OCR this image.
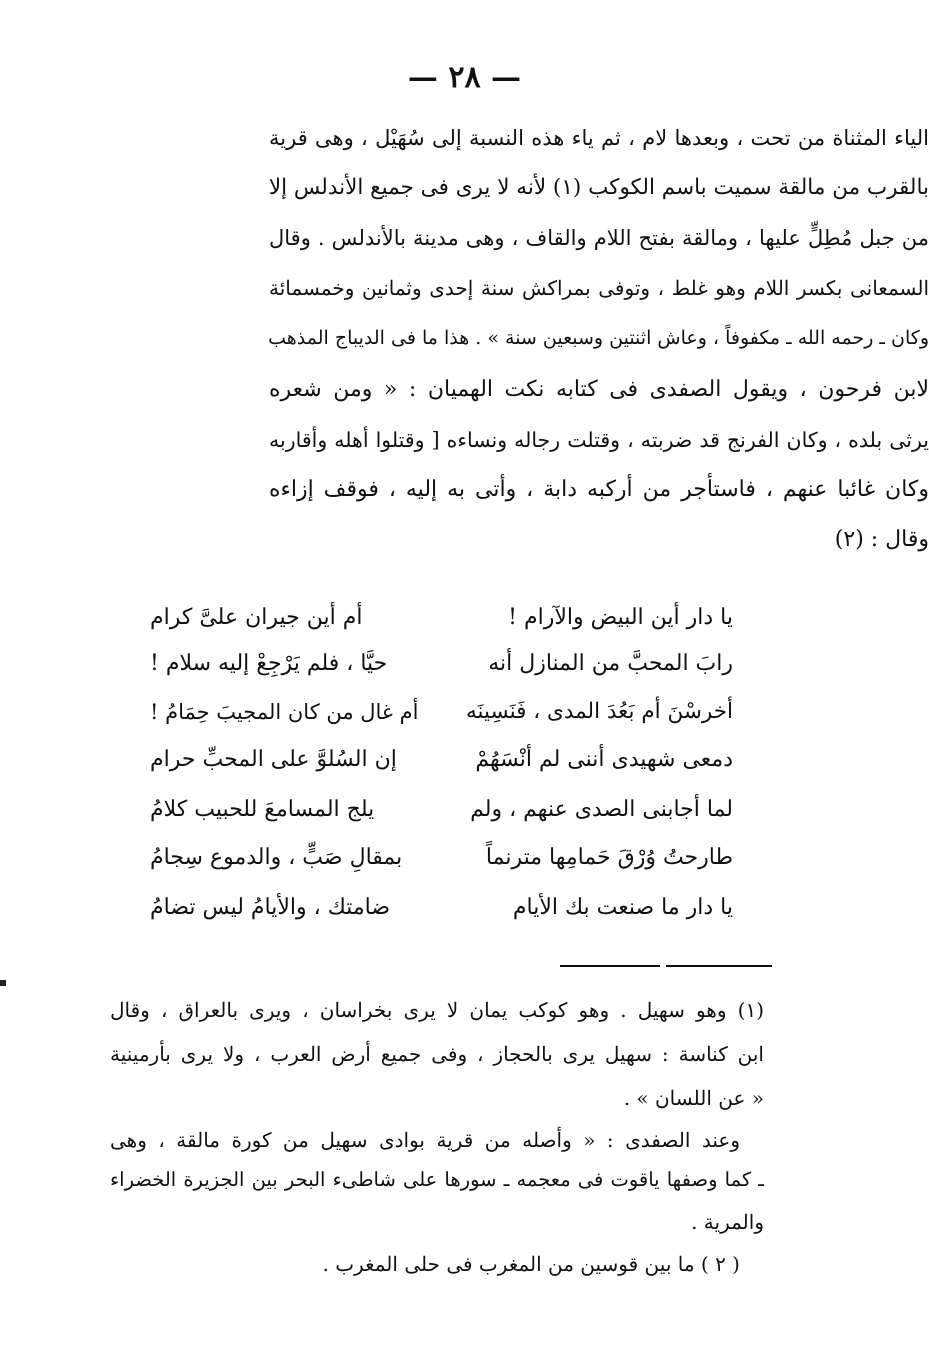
— ٢٨ —
الياء المثناة من تحت ، وبعدها لام ، ثم ياء هذه النسبة إلى سُهَيْل ، وهى قرية
بالقرب من مالقة سميت باسم الكوكب (١) لأنه لا يرى فى جميع الأندلس إلا
من جبل مُطِلٍّ عليها ، ومالقة بفتح اللام والقاف ، وهى مدينة بالأندلس . وقال
السمعانى بكسر اللام وهو غلط ، وتوفى بمراكش سنة إحدى وثمانين وخمسمائة
وكان ـ رحمه الله ـ مكفوفاً ، وعاش اثنتين وسبعين سنة » . هذا ما فى الديباج المذهب
لابن فرحون ، ويقول الصفدى فى كتابه نكت الهميان : « ومن شعره
يرثى بلده ، وكان الفرنج قد ضربته ، وقتلت رجاله ونساءه [ وقتلوا أهله وأقاربه
وكان غائبا عنهم ، فاستأجر من أركبه دابة ، وأتى به إليه ، فوقف إزاءه
وقال : (٢)
يا دار أين البيض والآرام !
أم أين جيران علىَّ كرام
رابَ المحبَّ من المنازل أنه
حيَّا ، فلم يَرْجِعْ إليه سلام !
أخرسْنَ أم بَعُدَ المدى ، فَنَسِينَه
أم غال من كان المجيبَ حِمَامُ !
دمعى شهيدى أننى لم أنْسَهُمْ
إن السُلوَّ على المحبِّ حرام
لما أجابنى الصدى عنهم ، ولم
يلج المسامعَ للحبيب كلامُ
طارحتُ وُرْقَ حَمامِها مترنماً
بمقالِ صَبٍّ ، والدموع سِجامُ
يا دار ما صنعت بك الأيام
ضامتك ، والأيامُ ليس تضامُ
(١) وهو سهيل . وهو كوكب يمان لا يرى بخراسان ، ويرى بالعراق ، وقال
ابن كناسة : سهيل يرى بالحجاز ، وفى جميع أرض العرب ، ولا يرى بأرمينية
« عن اللسان » .
وعند الصفدى : « وأصله من قرية بوادى سهيل من كورة مالقة ، وهى
ـ كما وصفها ياقوت فى معجمه ـ سورها على شاطىء البحر بين الجزيرة الخضراء
والمرية .
( ٢ ) ما بين قوسين من المغرب فى حلى المغرب .
